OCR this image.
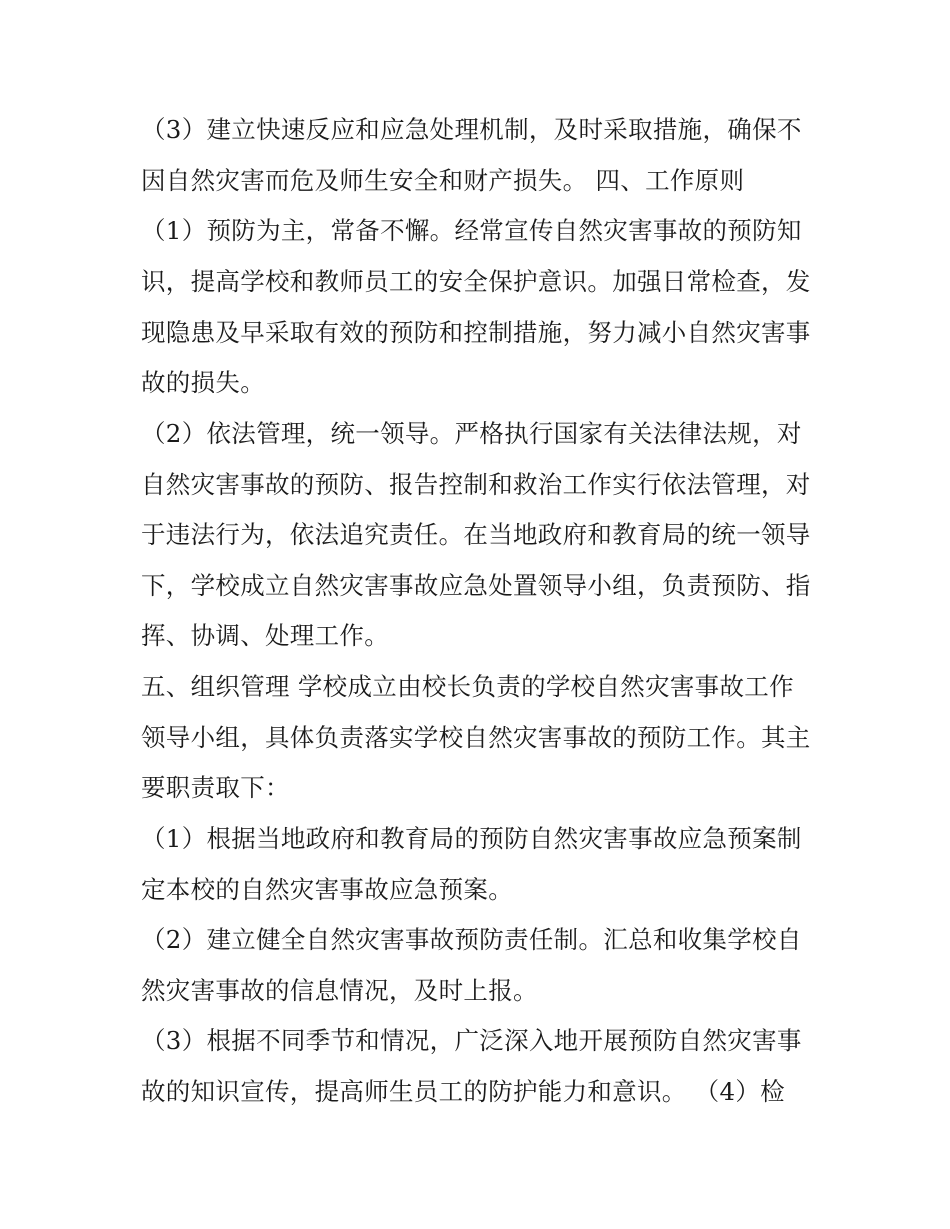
（3）建立快速反应和应急处理机制，及时采取措施，确保不
因自然灾害而危及师生安全和财产损失。 四、工作原则
（1）预防为主，常备不懈。经常宣传自然灾害事故的预防知
识，提高学校和教师员工的安全保护意识。加强日常检查，发
现隐患及早采取有效的预防和控制措施，努力减小自然灾害事
故的损失。
（2）依法管理，统一领导。严格执行国家有关法律法规，对
自然灾害事故的预防、报告控制和救治工作实行依法管理，对
于违法行为，依法追究责任。在当地政府和教育局的统一领导
下，学校成立自然灾害事故应急处置领导小组，负责预防、指
挥、协调、处理工作。
五、组织管理 学校成立由校长负责的学校自然灾害事故工作
领导小组，具体负责落实学校自然灾害事故的预防工作。其主
要职责取下：
（1）根据当地政府和教育局的预防自然灾害事故应急预案制
定本校的自然灾害事故应急预案。
（2）建立健全自然灾害事故预防责任制。汇总和收集学校自
然灾害事故的信息情况，及时上报。
（3）根据不同季节和情况，广泛深入地开展预防自然灾害事
故的知识宣传，提高师生员工的防护能力和意识。 （4）检
